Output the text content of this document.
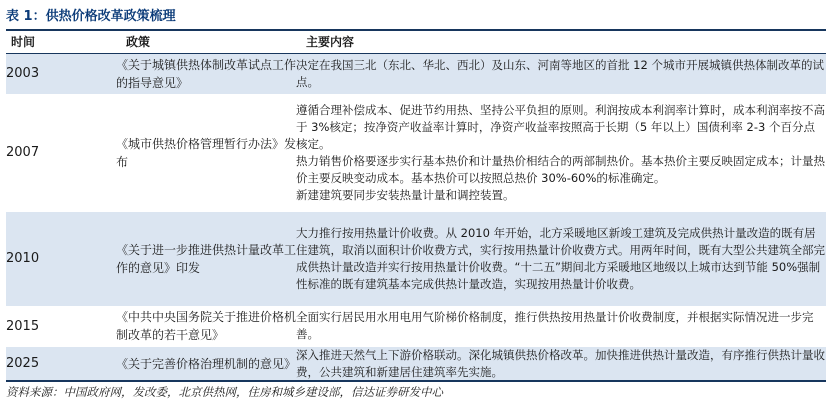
表 1：供热价格改革政策梳理
时间	政策	主要内容
2003	《关于城镇供热体制改革试点工作的指导意见》	决定在我国三北（东北、华北、西北）及山东、河南等地区的首批 12 个城市开展城镇供热体制改革的试点。

2007	《城市供热价格管理暂行办法》发布	遵循合理补偿成本、促进节约用热、坚持公平负担的原则。利润按成本利润率计算时，成本利润率按不高于 3%核定；按净资产收益率计算时，净资产收益率按照高于长期（5 年以上）国债利率 2-3 个百分点核定。
热力销售价格要逐步实行基本热价和计量热价相结合的两部制热价。基本热价主要反映固定成本；计量热价主要反映变动成本。基本热价可以按照总热价 30%-60%的标准确定。
新建建筑要同步安装热量计量和调控装置。

2010	《关于进一步推进供热计量改革工作的意见》印发	大力推行按用热量计价收费。从 2010 年开始，北方采暖地区新竣工建筑及完成供热计量改造的既有居住建筑，取消以面积计价收费方式，实行按用热量计价收费方式。用两年时间，既有大型公共建筑全部完成供热计量改造并实行按用热量计价收费。“十二五”期间北方采暖地区地级以上城市达到节能 50%强制性标准的既有建筑基本完成供热计量改造，实现按用热量计价收费。

2015	《中共中央国务院关于推进价格机制改革的若干意见》	全面实行居民用水用电用气阶梯价格制度，推行供热按用热量计价收费制度，并根据实际情况进一步完善。

2025	《关于完善价格治理机制的意见》	深入推进天然气上下游价格联动。深化城镇供热价格改革。加快推进供热计量改造，有序推行供热计量收费，公共建筑和新建居住建筑率先实施。
资料来源：中国政府网，发改委，北京供热网，住房和城乡建设部，信达证券研发中心
